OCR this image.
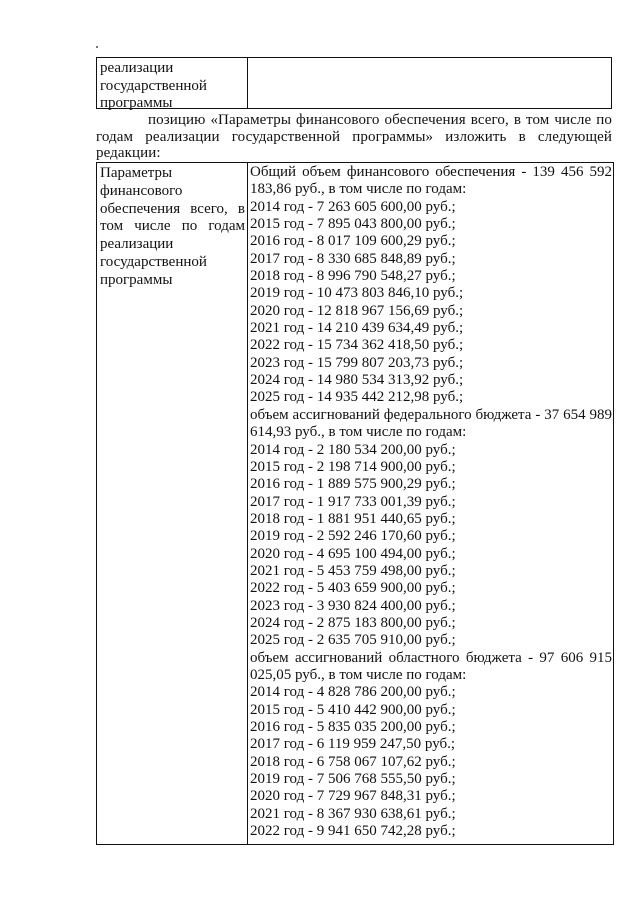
реализации
государственной
программы
позицию «Параметры финансового обеспечения всего, в том числе по годам реализации государственной программы» изложить в следующей редакции:
Параметры
финансового
обеспечения всего, в
том числе по годам
реализации
государственной
программы
Общий объем финансового обеспечения - 139 456 592
183,86 руб., в том числе по годам:
2014 год - 7 263 605 600,00 руб.;
2015 год - 7 895 043 800,00 руб.;
2016 год - 8 017 109 600,29 руб.;
2017 год - 8 330 685 848,89 руб.;
2018 год - 8 996 790 548,27 руб.;
2019 год - 10 473 803 846,10 руб.;
2020 год - 12 818 967 156,69 руб.;
2021 год - 14 210 439 634,49 руб.;
2022 год - 15 734 362 418,50 руб.;
2023 год - 15 799 807 203,73 руб.;
2024 год - 14 980 534 313,92 руб.;
2025 год - 14 935 442 212,98 руб.;
объем ассигнований федерального бюджета - 37 654 989
614,93 руб., в том числе по годам:
2014 год - 2 180 534 200,00 руб.;
2015 год - 2 198 714 900,00 руб.;
2016 год - 1 889 575 900,29 руб.;
2017 год - 1 917 733 001,39 руб.;
2018 год - 1 881 951 440,65 руб.;
2019 год - 2 592 246 170,60 руб.;
2020 год - 4 695 100 494,00 руб.;
2021 год - 5 453 759 498,00 руб.;
2022 год - 5 403 659 900,00 руб.;
2023 год - 3 930 824 400,00 руб.;
2024 год - 2 875 183 800,00 руб.;
2025 год - 2 635 705 910,00 руб.;
объем ассигнований областного бюджета - 97 606 915
025,05 руб., в том числе по годам:
2014 год - 4 828 786 200,00 руб.;
2015 год - 5 410 442 900,00 руб.;
2016 год - 5 835 035 200,00 руб.;
2017 год - 6 119 959 247,50 руб.;
2018 год - 6 758 067 107,62 руб.;
2019 год - 7 506 768 555,50 руб.;
2020 год - 7 729 967 848,31 руб.;
2021 год - 8 367 930 638,61 руб.;
2022 год - 9 941 650 742,28 руб.;
